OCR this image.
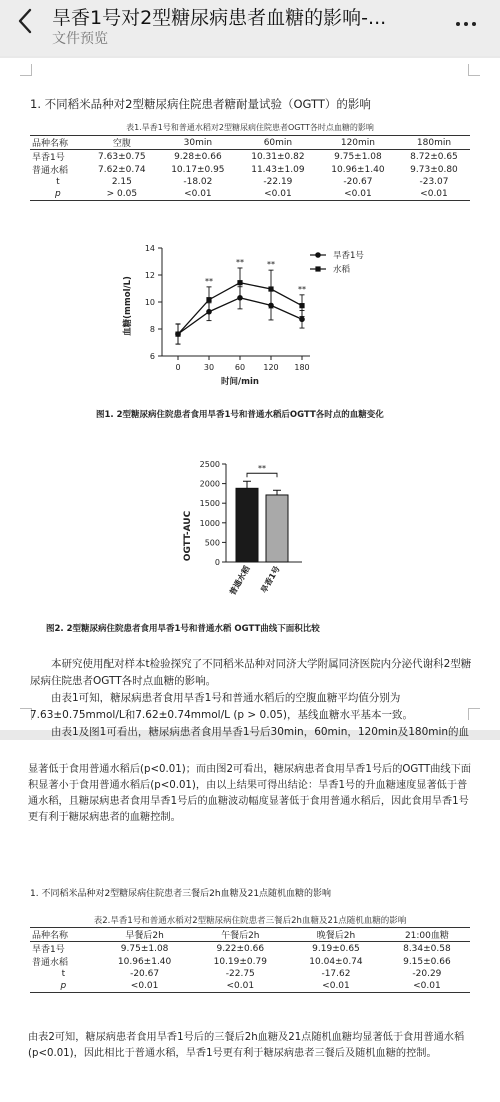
旱香1号对2型糖尿病患者血糖的影响-...
文件预览
1. 不同稻米品种对2型糖尿病住院患者糖耐量试验（OGTT）的影响
表1.旱香1号和普通水稻对2型糖尿病住院患者OGTT各时点血糖的影响
品种名称	空腹	30min	60min	120min	180min
旱香1号	7.63±0.75	9.28±0.66	10.31±0.82	9.75±1.08	8.72±0.65
普通水稻	7.62±0.74	10.17±0.95	11.43±1.09	10.96±1.40	9.73±0.80
t	2.15	-18.02	-22.19	-20.67	-23.07
p	> 0.05	<0.01	<0.01	<0.01	<0.01
6
8
10
12
14
0	30	60 120 180
**
**	**
**
旱香1号
水稻
时间/min
血糖(mmol/L)
图1. 2型糖尿病住院患者食用旱香1号和普通水稻后OGTT各时点的血糖变化
0
500
1000
1500
2000
2500
普通水稻 旱香1号
**
OGTT-AUC
图2. 2型糖尿病住院患者食用旱香1号和普通水稻 OGTT曲线下面积比较

本研究使用配对样本t检验探究了不同稻米品种对同济大学附属同济医院内分泌代谢科2型糖尿病住院患者OGTT各时点血糖的影响。

由表1可知，糖尿病患者食用旱香1号和普通水稻后的空腹血糖平均值分别为7.63±0.75mmol/L和7.62±0.74mmol/L (p > 0.05)，基线血糖水平基本一致。

由表1及图1可看出，糖尿病患者食用旱香1号后30min，60min，120min及180min的血

显著低于食用普通水稻后(p<0.01)；而由图2可看出，糖尿病患者食用旱香1号后的OGTT曲线下面积显著小于食用普通水稻后(p<0.01)，由以上结果可得出结论：旱香1号的升血糖速度显著低于普通水稻，且糖尿病患者食用旱香1号后的血糖波动幅度显著低于食用普通水稻后，因此食用旱香1号更有利于糖尿病患者的血糖控制。

1. 不同稻米品种对2型糖尿病住院患者三餐后2h血糖及21点随机血糖的影响
表2.旱香1号和普通水稻对2型糖尿病住院患者三餐后2h血糖及21点随机血糖的影响
品种名称	早餐后2h	午餐后2h	晚餐后2h	21:00血糖
旱香1号	9.75±1.08	9.22±0.66	9.19±0.65	8.34±0.58
普通水稻	10.96±1.40	10.19±0.79	10.04±0.74	9.15±0.66
t	-20.67	-22.75	-17.62	-20.29
p	<0.01	<0.01	<0.01	<0.01

由表2可知，糖尿病患者食用旱香1号后的三餐后2h血糖及21点随机血糖均显著低于食用普通水稻(p<0.01)，因此相比于普通水稻，旱香1号更有利于糖尿病患者三餐后及随机血糖的控制。
